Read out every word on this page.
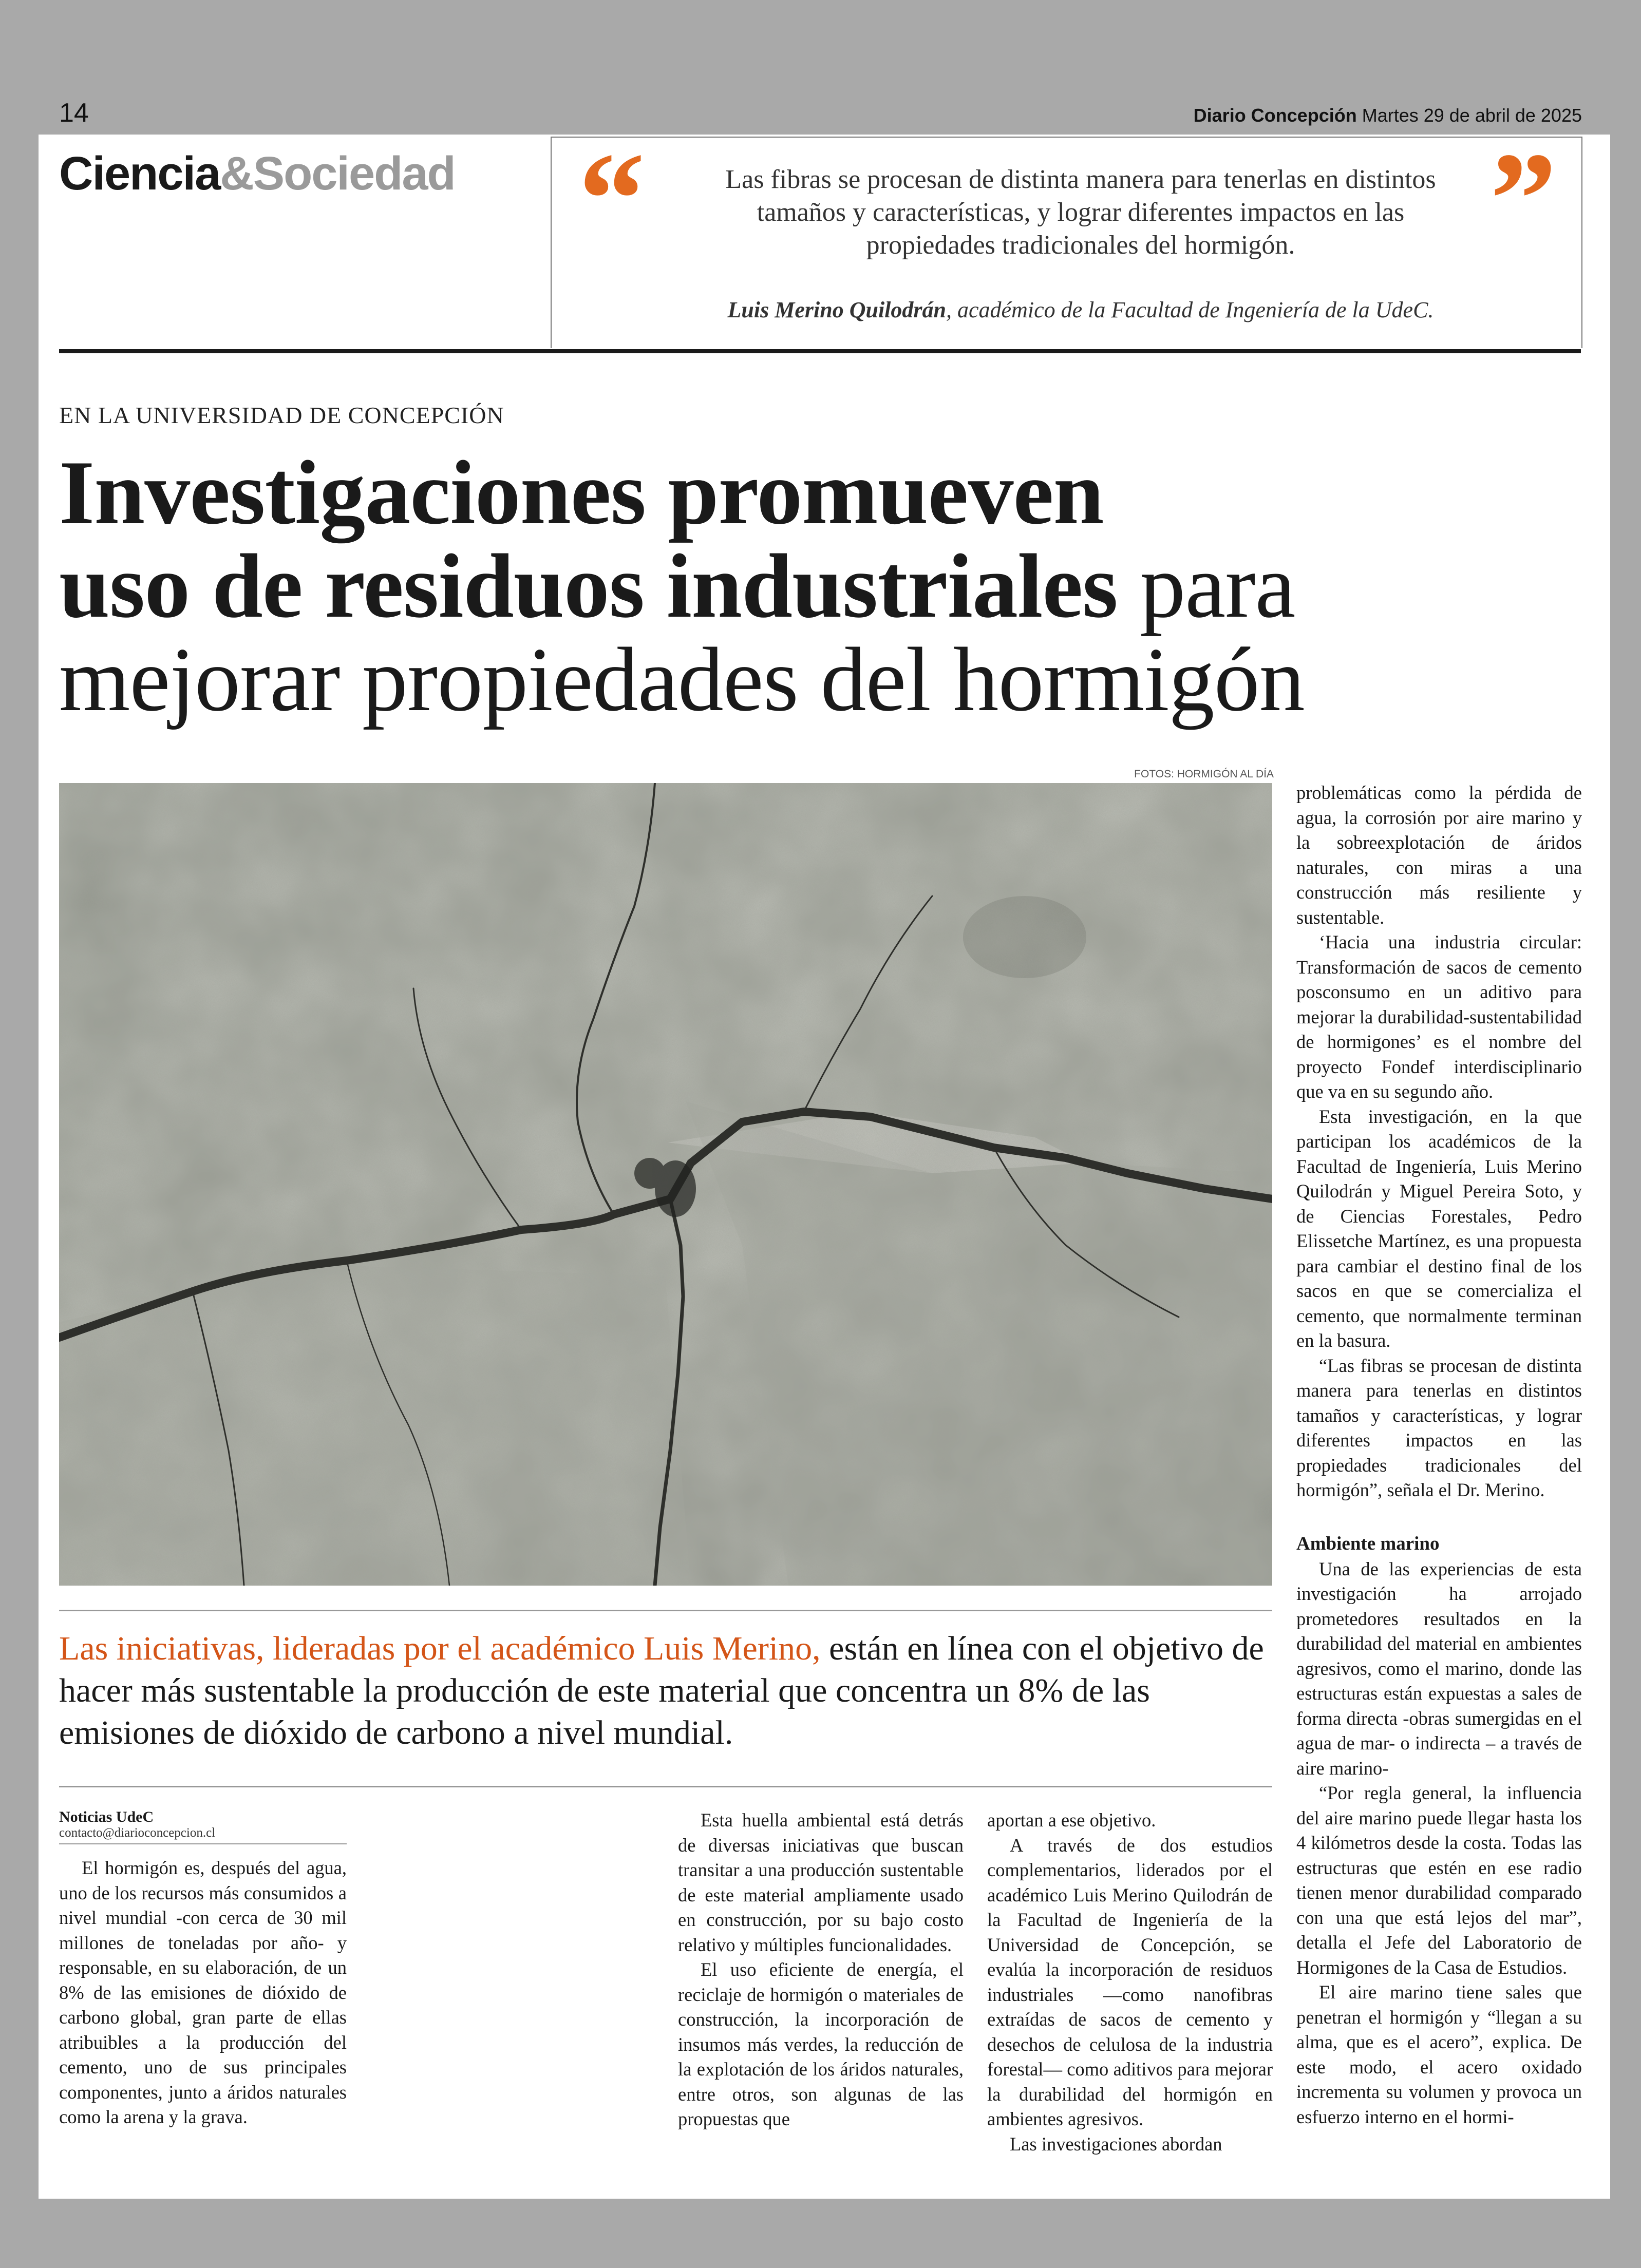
14	Diario Concepción Martes 29 de abril de 2025
Ciencia&Sociedad “	”
Las fibras se procesan de distinta manera para tenerlas en distintos tamaños y características, y lograr diferentes impactos en las propiedades tradicionales del hormigón.
Luis Merino Quilodrán, académico de la Facultad de Ingeniería de la UdeC.
EN LA UNIVERSIDAD DE CONCEPCIÓN
Investigaciones promueven
uso de residuos industriales para
mejorar propiedades del hormigón
FOTOS: HORMIGÓN AL DÍA
Las iniciativas, lideradas por el académico Luis Merino, están en línea con el objetivo de hacer más sustentable la producción de este material que concentra un 8% de las emisiones de dióxido de carbono a nivel mundial.
Noticias UdeC
contacto@diarioconcepcion.cl

El hormigón es, después del agua, uno de los recursos más consumidos a nivel mundial -con cerca de 30 mil millones de toneladas por año- y responsable, en su elaboración, de un 8% de las emisiones de dióxido de carbono global, gran parte de ellas atribuibles a la producción del cemento, uno de sus principales componentes, junto a áridos naturales como la arena y la grava.

Esta huella ambiental está detrás de diversas iniciativas que buscan transitar a una producción sustentable de este material ampliamente usado en construcción, por su bajo costo relativo y múltiples funcionalidades.

El uso eficiente de energía, el reciclaje de hormigón o materiales de construcción, la incorporación de insumos más verdes, la reducción de la explotación de los áridos naturales, entre otros, son algunas de las propuestas que

aportan a ese objetivo.

A través de dos estudios complementarios, liderados por el académico Luis Merino Quilodrán de la Facultad de Ingeniería de la Universidad de Concepción, se evalúa la incorporación de residuos industriales —como nanofibras extraídas de sacos de cemento y desechos de celulosa de la industria forestal— como aditivos para mejorar la durabilidad del hormigón en ambientes agresivos.

Las investigaciones abordan

problemáticas como la pérdida de agua, la corrosión por aire marino y la sobreexplotación de áridos naturales, con miras a una construcción más resiliente y sustentable.

‘Hacia una industria circular: Transformación de sacos de cemento posconsumo en un aditivo para mejorar la durabilidad-sustentabilidad de hormigones’ es el nombre del proyecto Fondef interdisciplinario que va en su segundo año.

Esta investigación, en la que participan los académicos de la Facultad de Ingeniería, Luis Merino Quilodrán y Miguel Pereira Soto, y de Ciencias Forestales, Pedro Elissetche Martínez, es una propuesta para cambiar el destino final de los sacos en que se comercializa el cemento, que normalmente terminan en la basura.

“Las fibras se procesan de distinta manera para tenerlas en distintos tamaños y características, y lograr diferentes impactos en las propiedades tradicionales del hormigón”, señala el Dr. Merino.

Ambiente marino

Una de las experiencias de esta investigación ha arrojado prometedores resultados en la durabilidad del material en ambientes agresivos, como el marino, donde las estructuras están expuestas a sales de forma directa -obras sumergidas en el agua de mar- o indirecta – a través de aire marino-

“Por regla general, la influencia del aire marino puede llegar hasta los 4 kilómetros desde la costa. Todas las estructuras que estén en ese radio tienen menor durabilidad comparado con una que está lejos del mar”, detalla el Jefe del Laboratorio de Hormigones de la Casa de Estudios.

El aire marino tiene sales que penetran el hormigón y “llegan a su alma, que es el acero”, explica. De este modo, el acero oxidado incrementa su volumen y provoca un esfuerzo interno en el hormi-
